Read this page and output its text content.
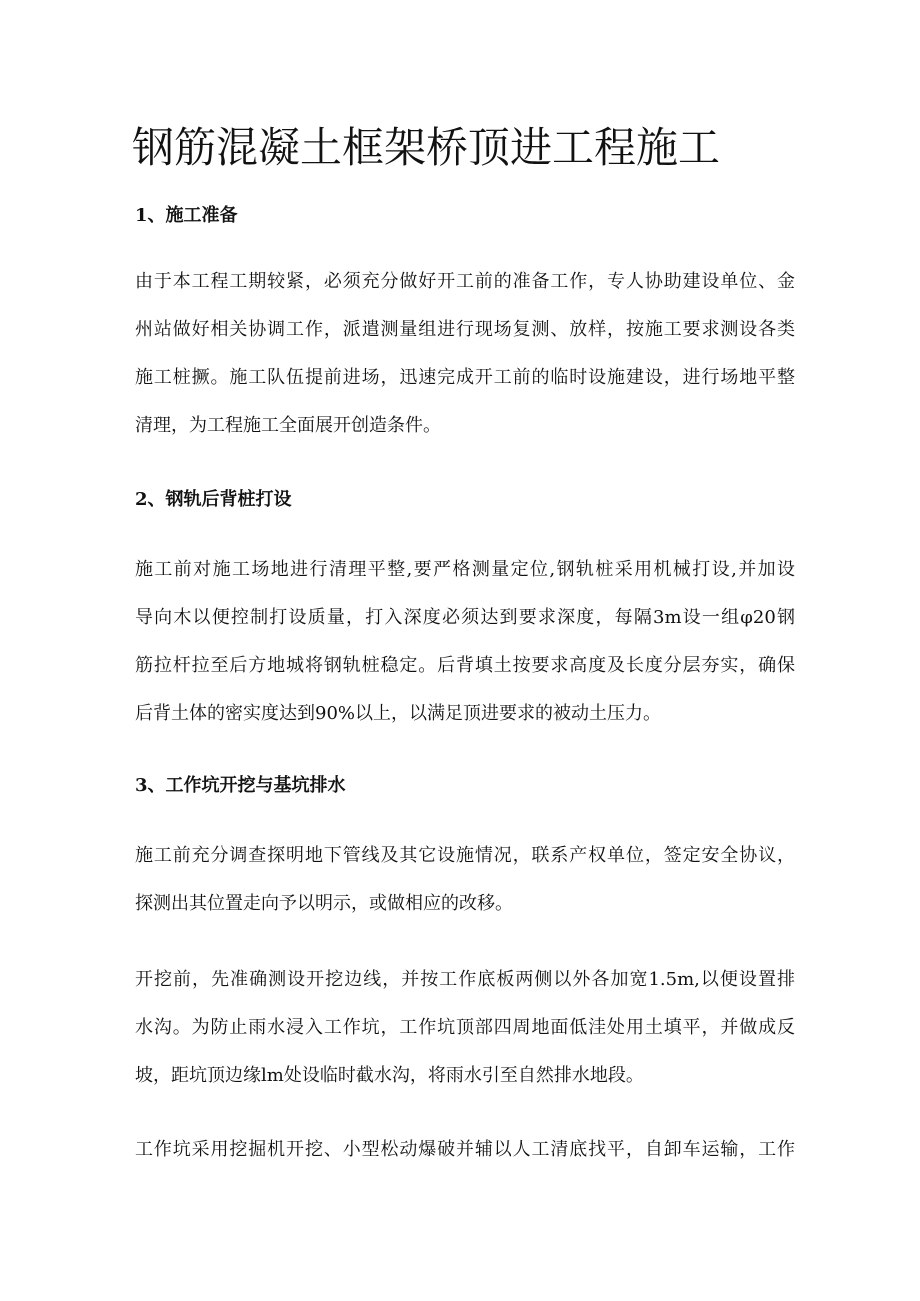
钢筋混凝土框架桥顶进工程施工
1、施工准备

由于本工程工期较紧，必须充分做好开工前的准备工作，专人协助建设单位、金
州站做好相关协调工作，派遣测量组进行现场复测、放样，按施工要求测设各类
施工桩撅。施工队伍提前进场，迅速完成开工前的临时设施建设，进行场地平整
清理，为工程施工全面展开创造条件。

2、钢轨后背桩打设

施工前对施工场地进行清理平整,要严格测量定位,钢轨桩采用机械打设,并加设
导向木以便控制打设质量，打入深度必须达到要求深度，每隔3m设一组φ20钢
筋拉杆拉至后方地城将钢轨桩稳定。后背填土按要求高度及长度分层夯实，确保
后背土体的密实度达到90%以上，以满足顶进要求的被动土压力。

3、工作坑开挖与基坑排水

施工前充分调查探明地下管线及其它设施情况，联系产权单位，签定安全协议，
探测出其位置走向予以明示，或做相应的改移。

开挖前，先准确测设开挖边线，并按工作底板两侧以外各加宽1.5m,以便设置排
水沟。为防止雨水浸入工作坑，工作坑顶部四周地面低洼处用土填平，并做成反
坡，距坑顶边缘lm处设临时截水沟，将雨水引至自然排水地段。

工作坑采用挖掘机开挖、小型松动爆破并辅以人工清底找平，自卸车运输，工作
